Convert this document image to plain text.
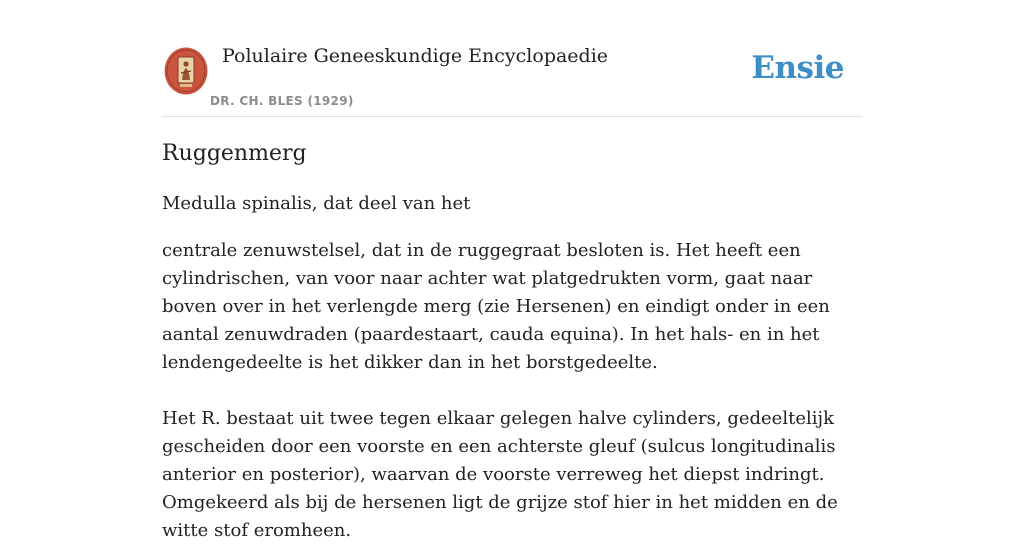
Polulaire Geneeskundige Encyclopaedie
DR. CH. BLES (1929)
Ensie
Ruggenmerg

Medulla spinalis, dat deel van het

centrale zenuwstelsel, dat in de ruggegraat besloten is. Het heeft een cylindrischen, van voor naar achter wat platgedrukten vorm, gaat naar boven over in het verlengde merg (zie Hersenen) en eindigt onder in een aantal zenuwdraden (paardestaart, cauda equina). In het hals- en in het lendengedeelte is het dikker dan in het borstgedeelte.

Het R. bestaat uit twee tegen elkaar gelegen halve cylinders, gedeeltelijk gescheiden door een voorste en een achterste gleuf (sulcus longitudinalis anterior en posterior), waarvan de voorste verreweg het diepst indringt. Omgekeerd als bij de hersenen ligt de grijze stof hier in het midden en de witte stof eromheen.
